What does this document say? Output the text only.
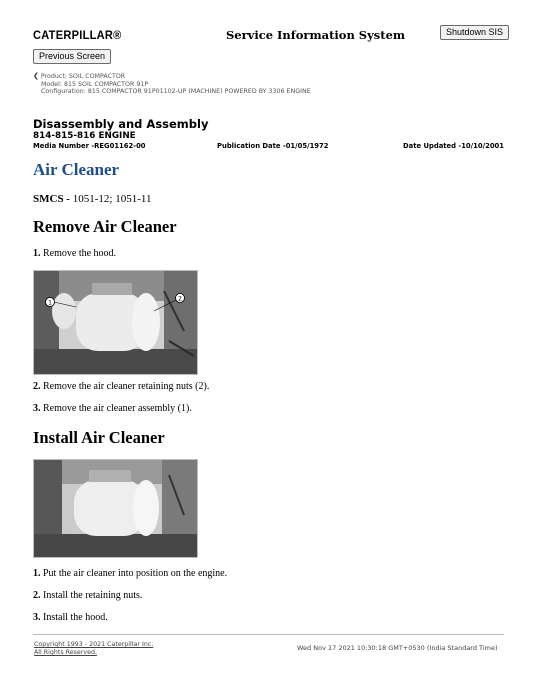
CATERPILLAR®	Service Information System	Shutdown SIS
Previous Screen
❮ Product: SOIL COMPACTOR
Model: 815 SOIL COMPACTOR 91P
Configuration: 815 COMPACTOR 91P01102-UP (MACHINE) POWERED BY 3306 ENGINE
Disassembly and Assembly
814-815-816 ENGINE
Media Number -REG01162-00	Publication Date -01/05/1972	Date Updated -10/10/2001
Air Cleaner
SMCS - 1051-12; 1051-11
Remove Air Cleaner
1. Remove the hood.
1
2
2. Remove the air cleaner retaining nuts (2).
3. Remove the air cleaner assembly (1).
Install Air Cleaner
1. Put the air cleaner into position on the engine.
2. Install the retaining nuts.
3. Install the hood.
Copyright 1993 - 2021 Caterpillar Inc.
All Rights Reserved.
Wed Nov 17 2021 10:30:18 GMT+0530 (India Standard Time)
